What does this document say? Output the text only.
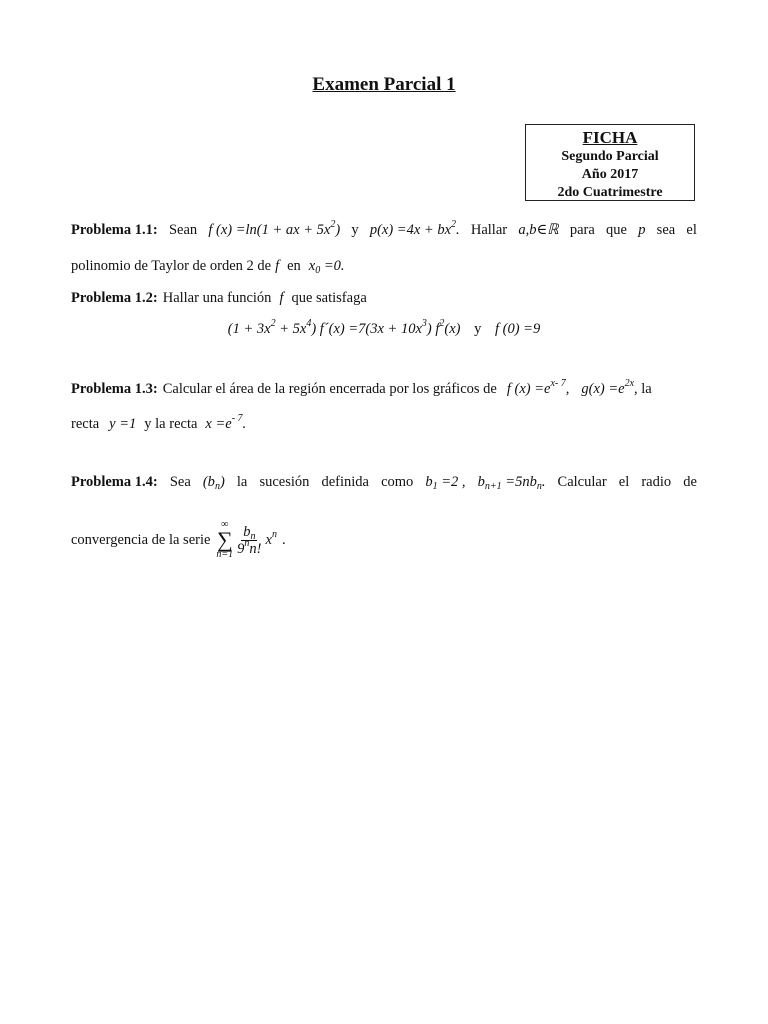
Examen Parcial 1
FICHA
Segundo Parcial
Año 2017
2do Cuatrimestre
Problema 1.1: Sean f (x) =ln(1 + ax + $5x^2$) y $p(x) =4x + bx^2$. Hallar a,b∈ℝ para que p sea el
polinomio de Taylor de orden 2 de f en $x_0 =0$.
Problema 1.2: Hallar una función f que satisfaga
$(1 + 3x^2 + 5x^4)$ f´(x) $=7(3x + 10x^3)$ $f^2(x)$ y f (0) =9
Problema 1.3: Calcular el área de la región encerrada por los gráficos de f $(x) =e^{x- 7}$, $g(x) =e^{2x}$ , la
recta y =1 y la recta $x =e^{- 7}$.
Problema 1.4: Sea $(b_n)$ la sucesión definida como $b_1 =2$ , $b_{n+1} =5nb_n$. Calcular el radio de
convergencia de la serie
∞
∑
$n=1 \frac{b_n}{9^nn!} x^n$ .
